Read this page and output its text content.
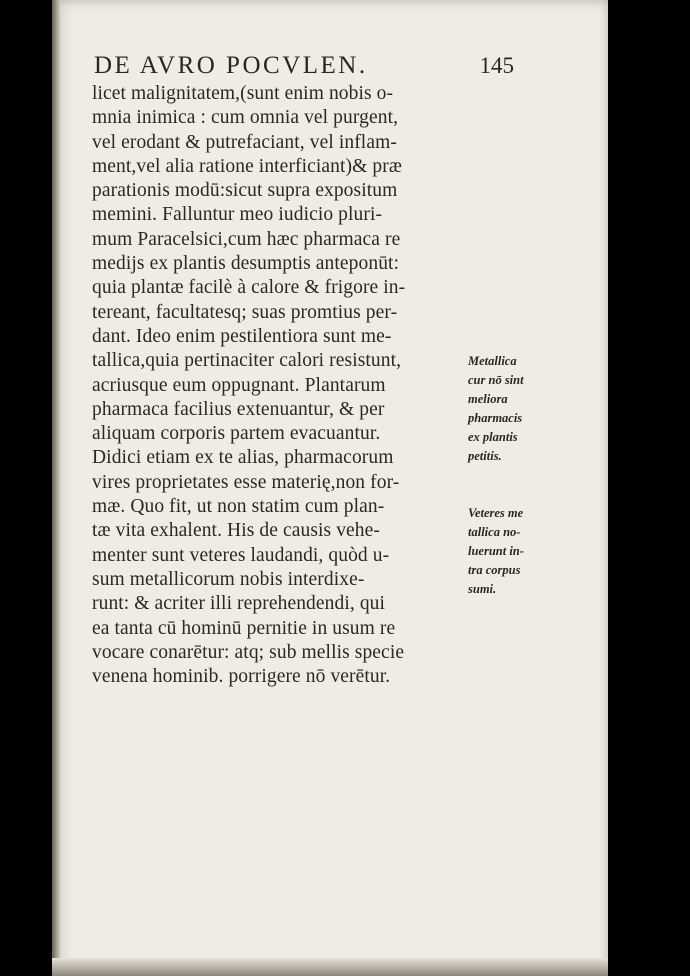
DE AVRO POCVLEN.	145
licet malignitatem,(sunt enim nobis o-
mnia inimica : cum omnia vel purgent,
vel erodant & putrefaciant, vel inflam-
ment,vel alia ratione interficiant)& præ
parationis modū:sicut supra expositum
memini. Falluntur meo iudicio pluri-
mum Paracelsici,cum hæc pharmaca re
medijs ex plantis desumptis anteponūt:
quia plantæ facilè à calore & frigore in-
tereant, facultatesq; suas promtius per-
dant. Ideo enim pestilentiora sunt me-
tallica,quia pertinaciter calori resistunt,
acriusque eum oppugnant. Plantarum
pharmaca facilius extenuantur, & per
aliquam corporis partem evacuantur.
Didici etiam ex te alias, pharmacorum
vires proprietates esse materię,non for-
mæ. Quo fit, ut non statim cum plan-
tæ vita exhalent. His de causis vehe-
menter sunt veteres laudandi, quòd u-
sum metallicorum nobis interdixe-
runt: & acriter illi reprehendendi, qui
ea tanta cū hominū pernitie in usum re
vocare conarētur: atq; sub mellis specie
venena hominib. porrigere nō verētur.
Metallica
cur nō sint
meliora
pharmacis
ex plantis
petitis.
Veteres me
tallica no-
luerunt in-
tra corpus
sumi.
